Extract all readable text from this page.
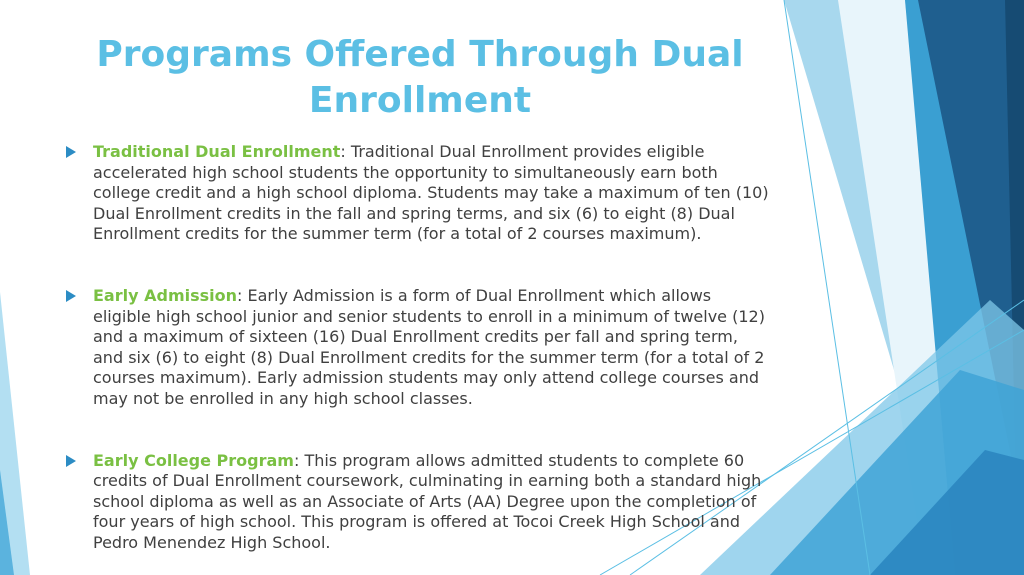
Programs Offered Through Dual Enrollment
Traditional Dual Enrollment: Traditional Dual Enrollment provides eligible accelerated high school students the opportunity to simultaneously earn both college credit and a high school diploma. Students may take a maximum of ten (10) Dual Enrollment credits in the fall and spring terms, and six (6) to eight (8) Dual Enrollment credits for the summer term (for a total of 2 courses maximum).
Early Admission: Early Admission is a form of Dual Enrollment which allows eligible high school junior and senior students to enroll in a minimum of twelve (12) and a maximum of sixteen (16) Dual Enrollment credits per fall and spring term, and six (6) to eight (8) Dual Enrollment credits for the summer term (for a total of 2 courses maximum). Early admission students may only attend college courses and may not be enrolled in any high school classes.
Early College Program: This program allows admitted students to complete 60 credits of Dual Enrollment coursework, culminating in earning both a standard high school diploma as well as an Associate of Arts (AA) Degree upon the completion of four years of high school. This program is offered at Tocoi Creek High School and Pedro Menendez High School.
